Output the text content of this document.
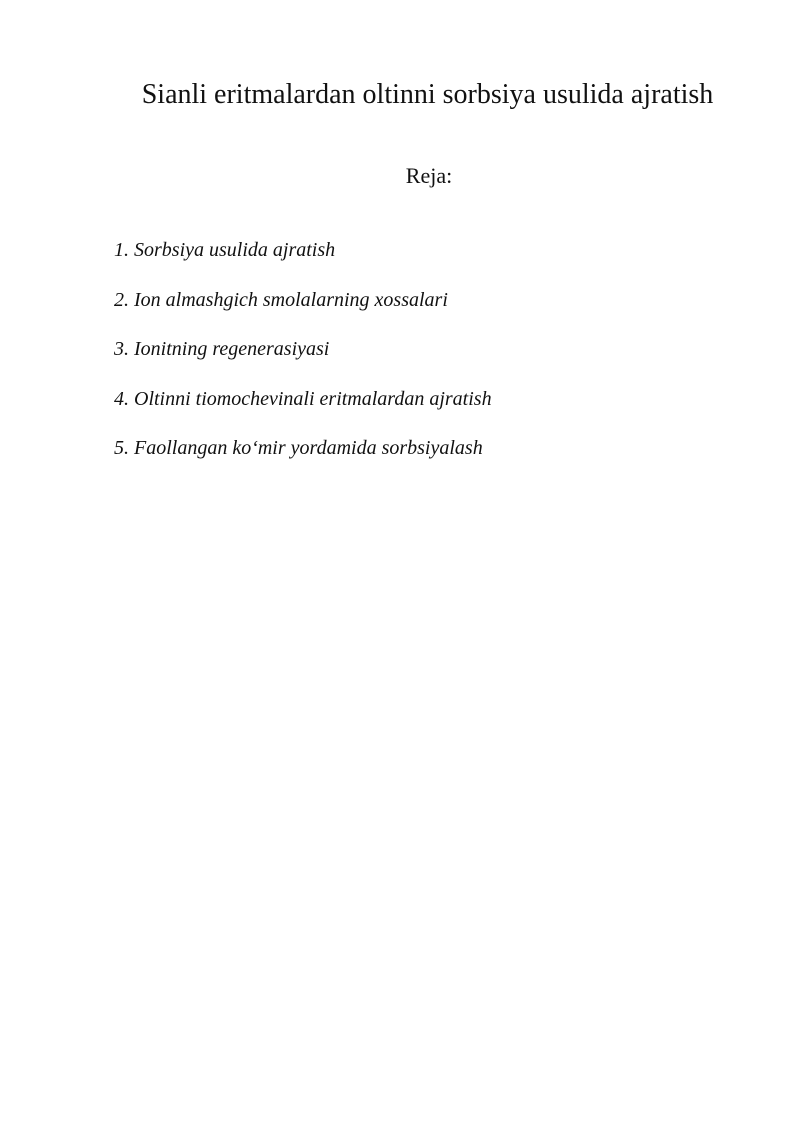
Sianli eritmalardan oltinni sorbsiya usulida ajratish
Reja:
1. Sorbsiya usulida ajratish
2. Ion almashgich smolalarning xossalari
3. Ionitning regenerasiyasi
4. Oltinni tiomochevinali eritmalardan ajratish
5. Faollangan ko‘mir yordamida sorbsiyalash
